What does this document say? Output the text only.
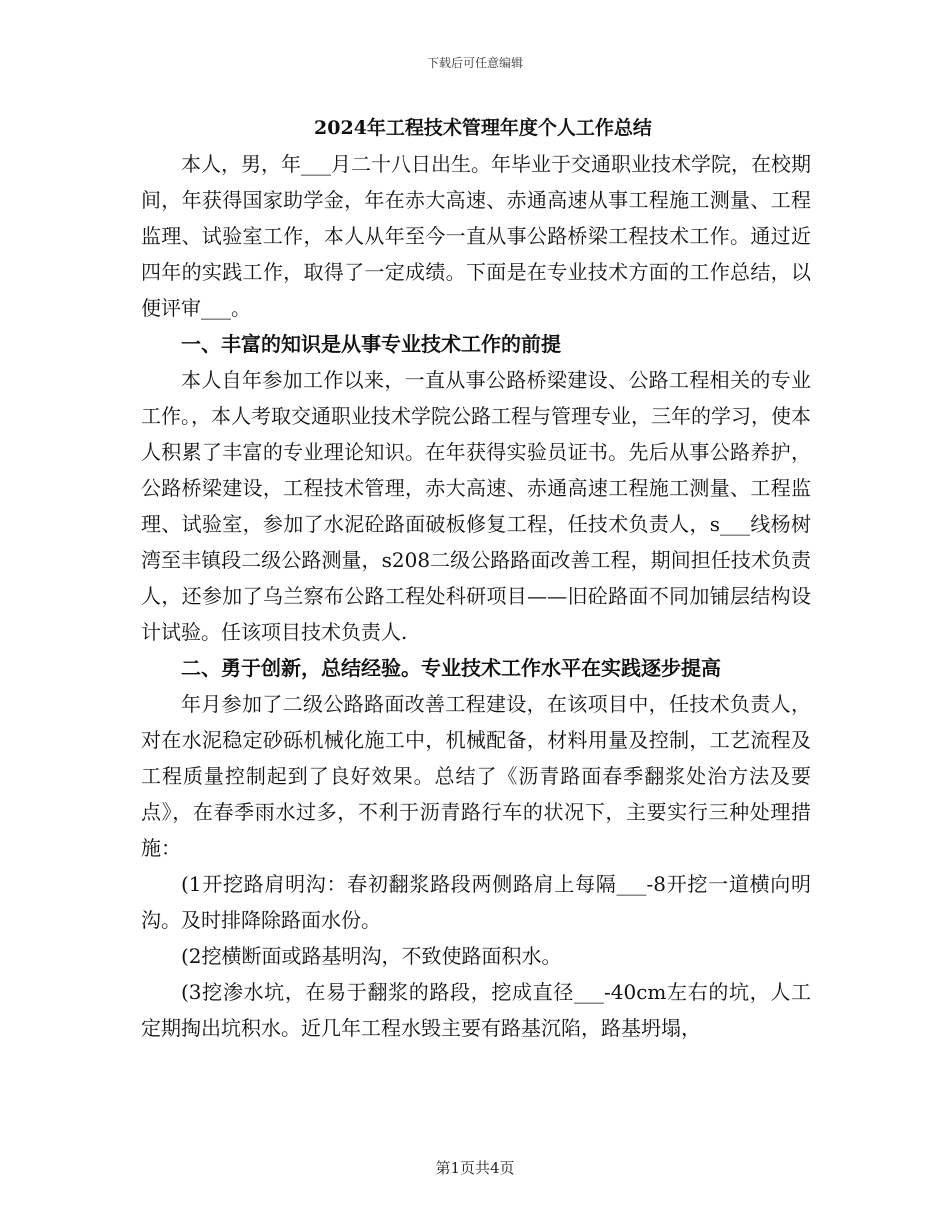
下载后可任意编辑

2024年工程技术管理年度个人工作总结

本人，男，年___月二十八日出生。年毕业于交通职业技术学院，在校期间，年获得国家助学金，年在赤大高速、赤通高速从事工程施工测量、工程监理、试验室工作，本人从年至今一直从事公路桥梁工程技术工作。通过近四年的实践工作，取得了一定成绩。下面是在专业技术方面的工作总结，以便评审___。

一、丰富的知识是从事专业技术工作的前提

本人自年参加工作以来，一直从事公路桥梁建设、公路工程相关的专业工作。，本人考取交通职业技术学院公路工程与管理专业，三年的学习，使本人积累了丰富的专业理论知识。在年获得实验员证书。先后从事公路养护，公路桥梁建设，工程技术管理，赤大高速、赤通高速工程施工测量、工程监理、试验室，参加了水泥砼路面破板修复工程，任技术负责人，s___线杨树湾至丰镇段二级公路测量，s208二级公路路面改善工程，期间担任技术负责人，还参加了乌兰察布公路工程处科研项目——旧砼路面不同加铺层结构设计试验。任该项目技术负责人.

二、勇于创新，总结经验。专业技术工作水平在实践逐步提高

年月参加了二级公路路面改善工程建设，在该项目中，任技术负责人，对在水泥稳定砂砾机械化施工中，机械配备，材料用量及控制，工艺流程及工程质量控制起到了良好效果。总结了《沥青路面春季翻浆处治方法及要点》，在春季雨水过多，不利于沥青路行车的状况下，主要实行三种处理措施：

(1开挖路肩明沟：春初翻浆路段两侧路肩上每隔___-8开挖一道横向明沟。及时排降除路面水份。

(2挖横断面或路基明沟，不致使路面积水。

(3挖渗水坑，在易于翻浆的路段，挖成直径___-40cm左右的坑，人工定期掏出坑积水。近几年工程水毁主要有路基沉陷，路基坍塌，

第1页共4页
